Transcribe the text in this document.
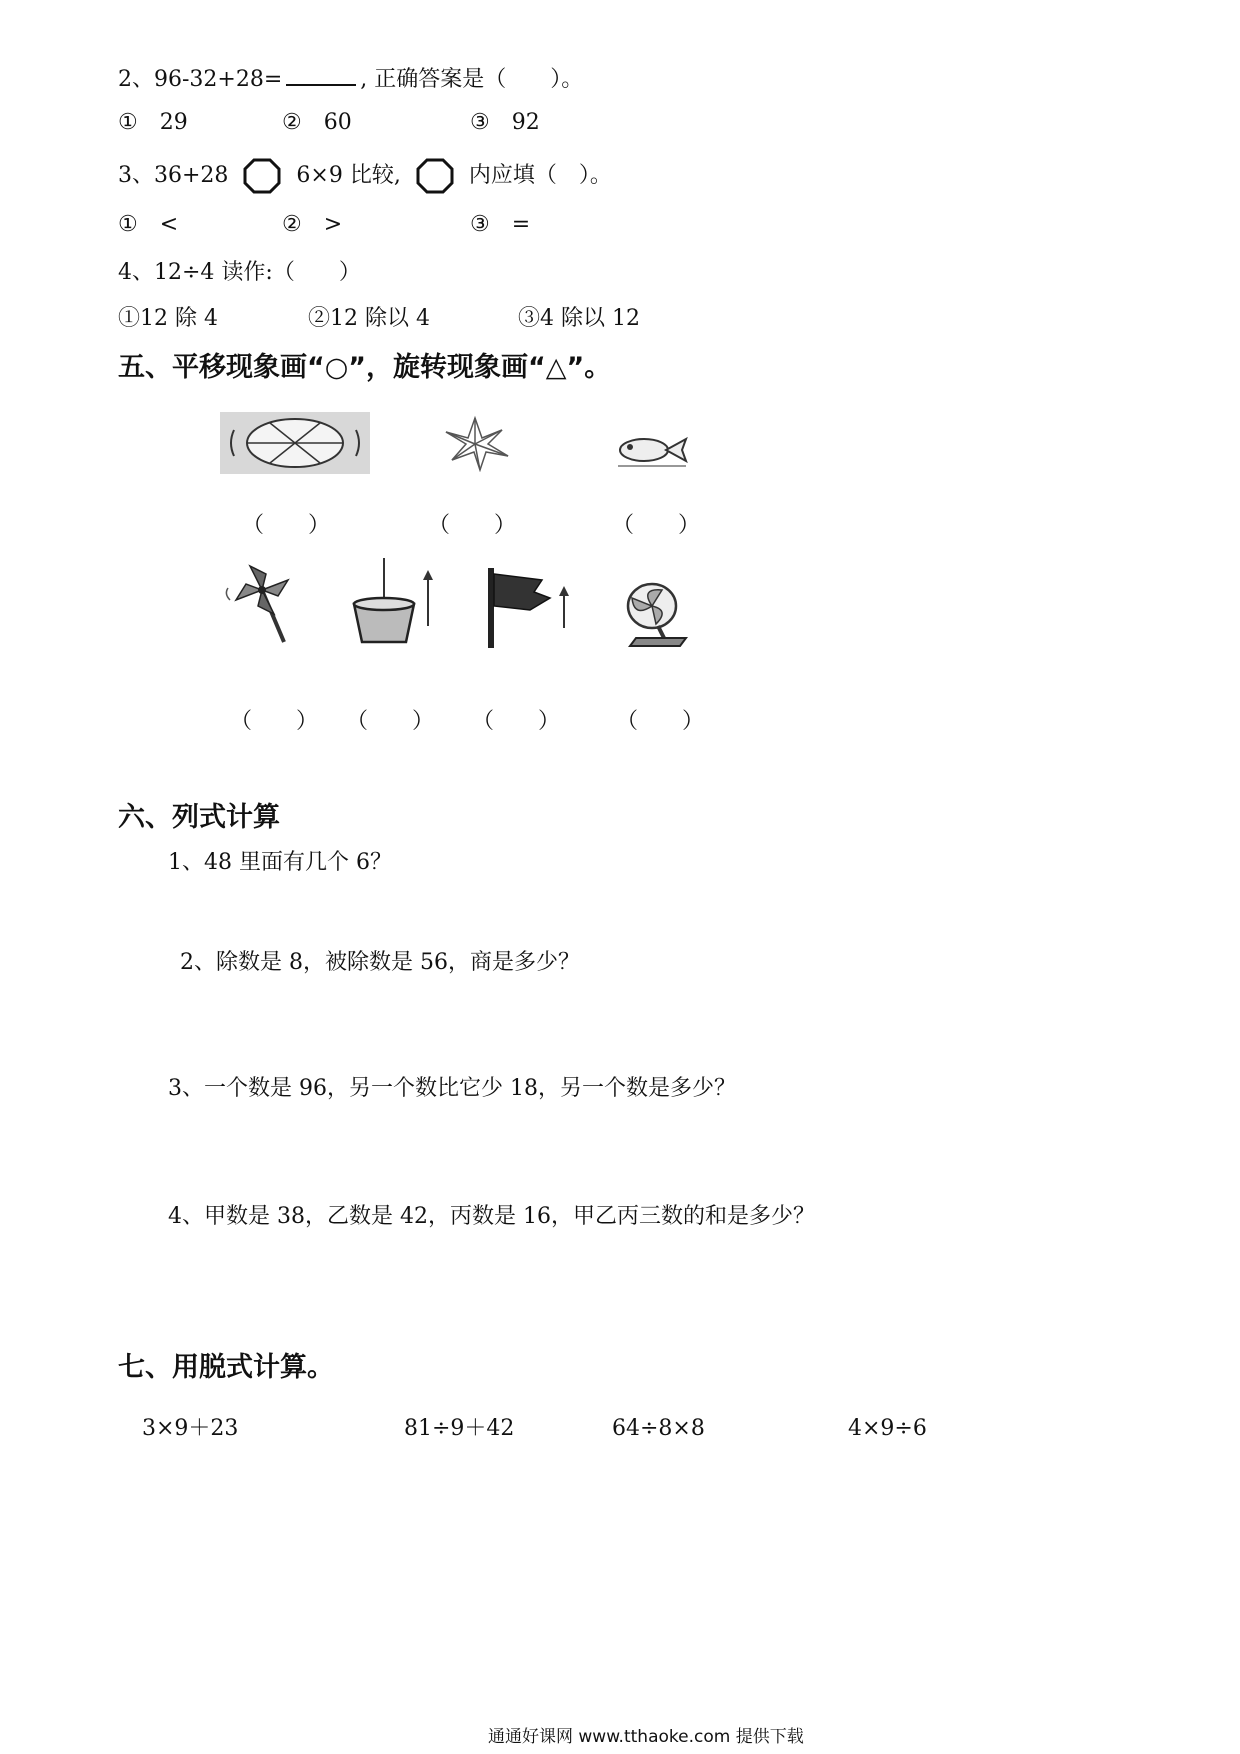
2、96-32+28=	, 正确答案是（　　）。
①　29	②　60	③　92
3、36+28	6×9 比较,	内应填（　）。
①　<	②　>	③　=
4、12÷4 读作:（　　）
①12 除 4	②12 除以 4	③4 除以 12
五、平移现象画“○”，旋转现象画“△”。
（　　）	（　　）	（　　）
（　　） （　　） （　　）	（　　）
六、列式计算
1、48 里面有几个 6？
2、除数是 8，被除数是 56，商是多少？
3、一个数是 96，另一个数比它少 18，另一个数是多少？
4、甲数是 38，乙数是 42，丙数是 16，甲乙丙三数的和是多少？
七、用脱式计算。
3×9＋23	81÷9＋42	64÷8×8	4×9÷6
通通好课网 www.tthaoke.com 提供下载
